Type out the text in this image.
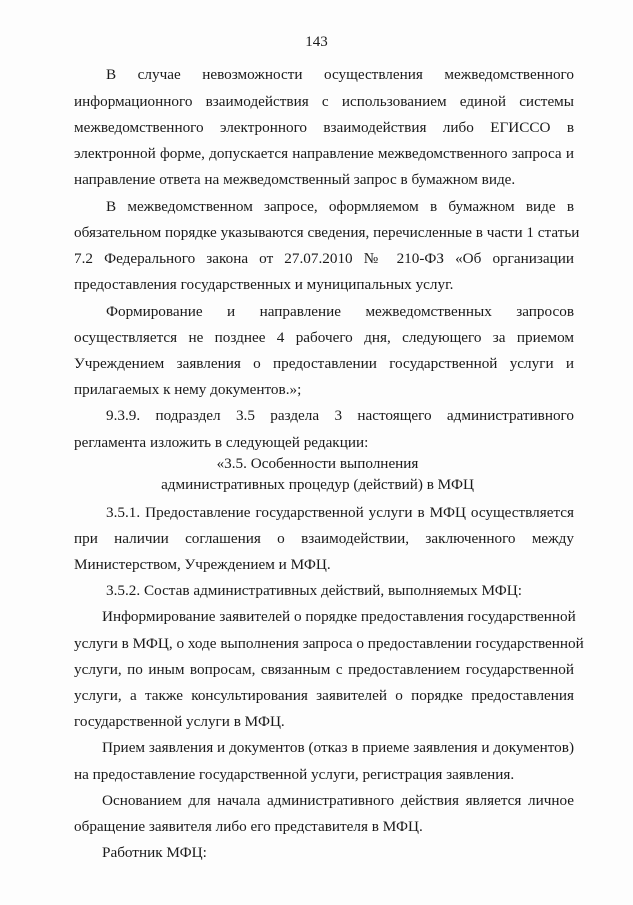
143
В случае невозможности осуществления межведомственного
информационного взаимодействия с использованием единой системы
межведомственного электронного взаимодействия либо ЕГИССО в
электронной форме, допускается направление межведомственного запроса и
направление ответа на межведомственный запрос в бумажном виде.
В межведомственном запросе, оформляемом в бумажном виде в
обязательном порядке указываются сведения, перечисленные в части 1 статьи
7.2 Федерального закона от 27.07.2010 № 210-ФЗ «Об организации
предоставления государственных и муниципальных услуг.
Формирование и направление межведомственных запросов
осуществляется не позднее 4 рабочего дня, следующего за приемом
Учреждением заявления о предоставлении государственной услуги и
прилагаемых к нему документов.»;
9.3.9. подраздел 3.5 раздела 3 настоящего административного
регламента изложить в следующей редакции:
«3.5. Особенности выполнения
административных процедур (действий) в МФЦ
3.5.1. Предоставление государственной услуги в МФЦ осуществляется
при наличии соглашения о взаимодействии, заключенного между
Министерством, Учреждением и МФЦ.
3.5.2. Состав административных действий, выполняемых МФЦ:
Информирование заявителей о порядке предоставления государственной
услуги в МФЦ, о ходе выполнения запроса о предоставлении государственной
услуги, по иным вопросам, связанным с предоставлением государственной
услуги, а также консультирования заявителей о порядке предоставления
государственной услуги в МФЦ.
Прием заявления и документов (отказ в приеме заявления и документов)
на предоставление государственной услуги, регистрация заявления.
Основанием для начала административного действия является личное
обращение заявителя либо его представителя в МФЦ.
Работник МФЦ:
